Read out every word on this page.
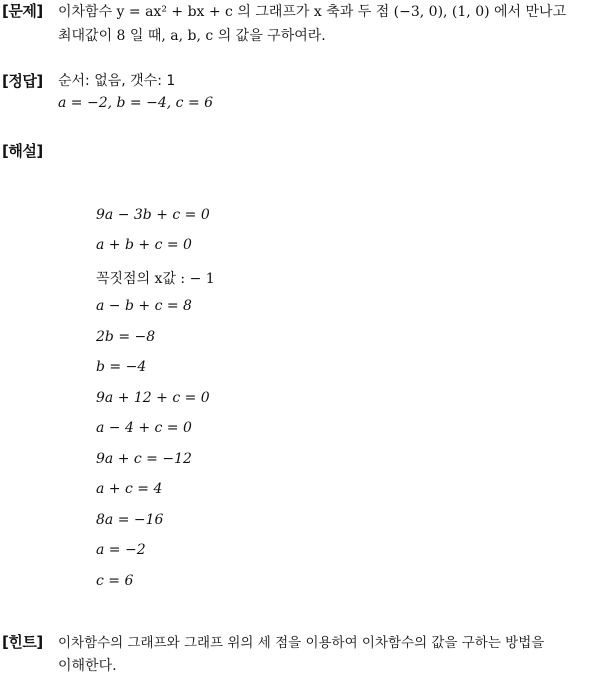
[문제] 이차함수 y = ax² + bx + c 의 그래프가 x 축과 두 점 (−3, 0), (1, 0) 에서 만나고
최대값이 8 일 때, a, b, c 의 값을 구하여라.
[정답] 순서: 없음, 갯수: 1
a = −2, b = −4, c = 6
[해설]
9a − 3b + c = 0
a + b + c = 0
꼭짓점의 x값 : − 1
a − b + c = 8
2b = −8
b = −4
9a + 12 + c = 0
a − 4 + c = 0
9a + c = −12
a + c = 4
8a = −16
a = −2
c = 6
[힌트] 이차함수의 그래프와 그래프 위의 세 점을 이용하여 이차함수의 값을 구하는 방법을
이해한다.
